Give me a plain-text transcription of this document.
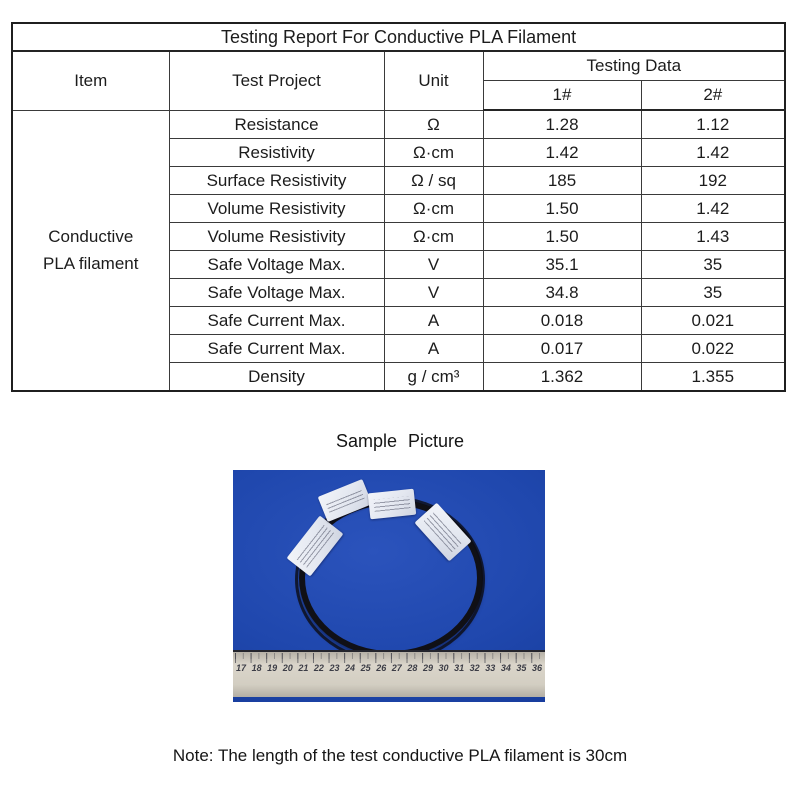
Testing Report For Conductive PLA Filament				
Item	Test Project	Unit	Testing Data	
			1#	2#

Conductive
PLA filament	Resistance	Ω	1.28	1.12
	Resistivity	Ω·cm	1.42	1.42
	Surface Resistivity	Ω / sq	185	192
	Volume Resistivity	Ω·cm	1.50	1.42
	Volume Resistivity	Ω·cm	1.50	1.43
	Safe Voltage Max.	V	35.1	35
	Safe Voltage Max.	V	34.8	35
	Safe Current Max.	A	0.018	0.021
	Safe Current Max.	A	0.017	0.022
	Density	g / cm³	1.362	1.355
Sample Picture
17 18 19 20 21 22 23 24 25 26 27 28 29 30 31 32 33 34 35 36
Note: The length of the test conductive PLA filament is 30cm
